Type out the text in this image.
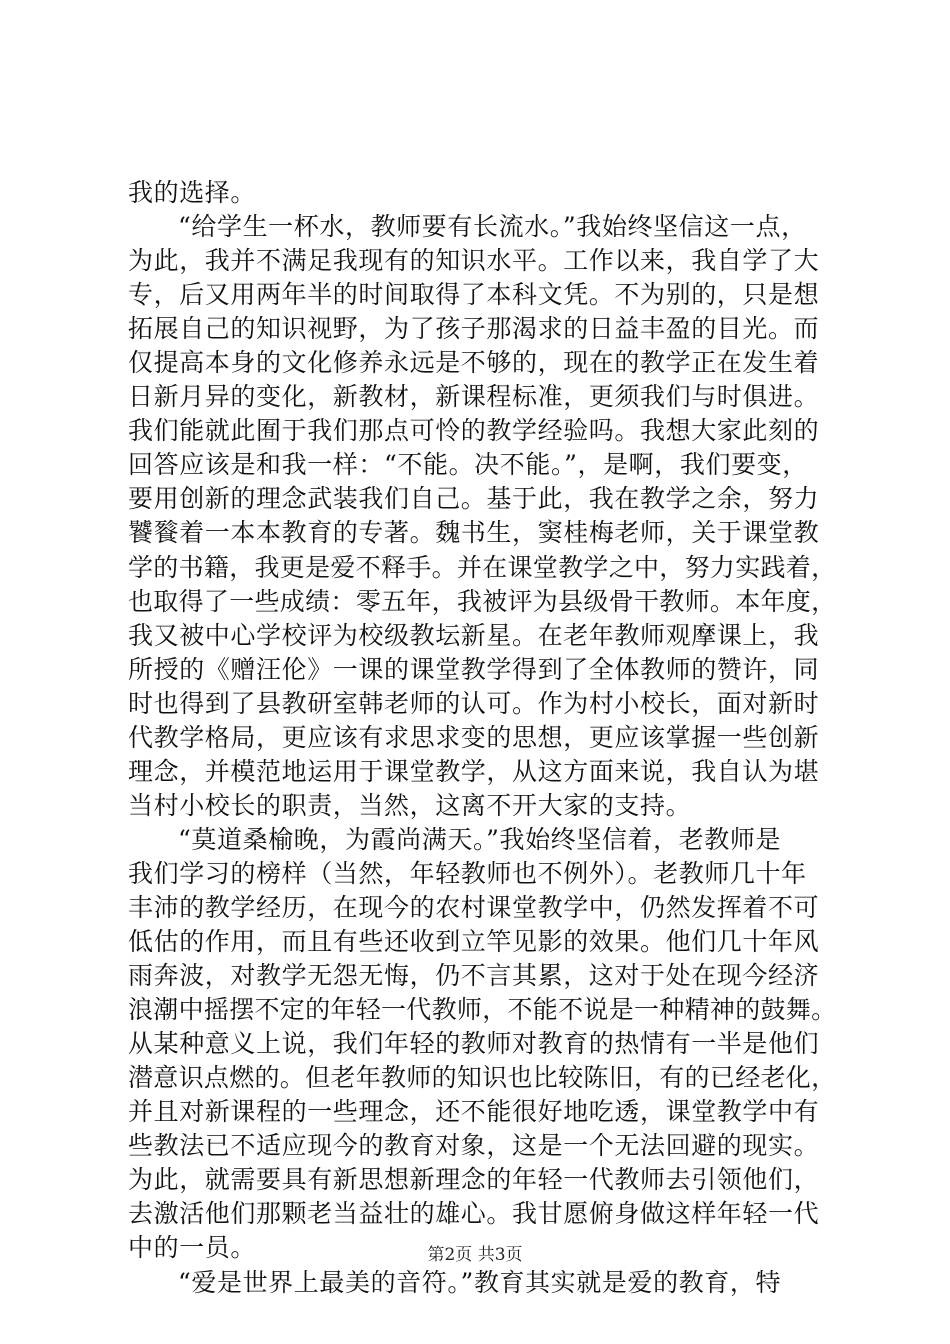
我的选择。
“给学生一杯水，教师要有长流水。”我始终坚信这一点，
为此，我并不满足我现有的知识水平。工作以来，我自学了大
专，后又用两年半的时间取得了本科文凭。不为别的，只是想
拓展自己的知识视野，为了孩子那渴求的日益丰盈的目光。而
仅提高本身的文化修养永远是不够的，现在的教学正在发生着
日新月异的变化，新教材，新课程标准，更须我们与时俱进。
我们能就此囿于我们那点可怜的教学经验吗。我想大家此刻的
回答应该是和我一样：“不能。决不能。”，是啊，我们要变，
要用创新的理念武装我们自己。基于此，我在教学之余，努力
饕餮着一本本教育的专著。魏书生，窦桂梅老师，关于课堂教
学的书籍，我更是爱不释手。并在课堂教学之中，努力实践着，
也取得了一些成绩：零五年，我被评为县级骨干教师。本年度，
我又被中心学校评为校级教坛新星。在老年教师观摩课上，我
所授的《赠汪伦》一课的课堂教学得到了全体教师的赞许，同
时也得到了县教研室韩老师的认可。作为村小校长，面对新时
代教学格局，更应该有求思求变的思想，更应该掌握一些创新
理念，并模范地运用于课堂教学，从这方面来说，我自认为堪
当村小校长的职责，当然，这离不开大家的支持。
“莫道桑榆晚，为霞尚满天。”我始终坚信着，老教师是
我们学习的榜样（当然，年轻教师也不例外）。老教师几十年
丰沛的教学经历，在现今的农村课堂教学中，仍然发挥着不可
低估的作用，而且有些还收到立竿见影的效果。他们几十年风
雨奔波，对教学无怨无悔，仍不言其累，这对于处在现今经济
浪潮中摇摆不定的年轻一代教师，不能不说是一种精神的鼓舞。
从某种意义上说，我们年轻的教师对教育的热情有一半是他们
潜意识点燃的。但老年教师的知识也比较陈旧，有的已经老化，
并且对新课程的一些理念，还不能很好地吃透，课堂教学中有
些教法已不适应现今的教育对象，这是一个无法回避的现实。
为此，就需要具有新思想新理念的年轻一代教师去引领他们，
去激活他们那颗老当益壮的雄心。我甘愿俯身做这样年轻一代
中的一员。
“爱是世界上最美的音符。”教育其实就是爱的教育，特
第2页 共3页
